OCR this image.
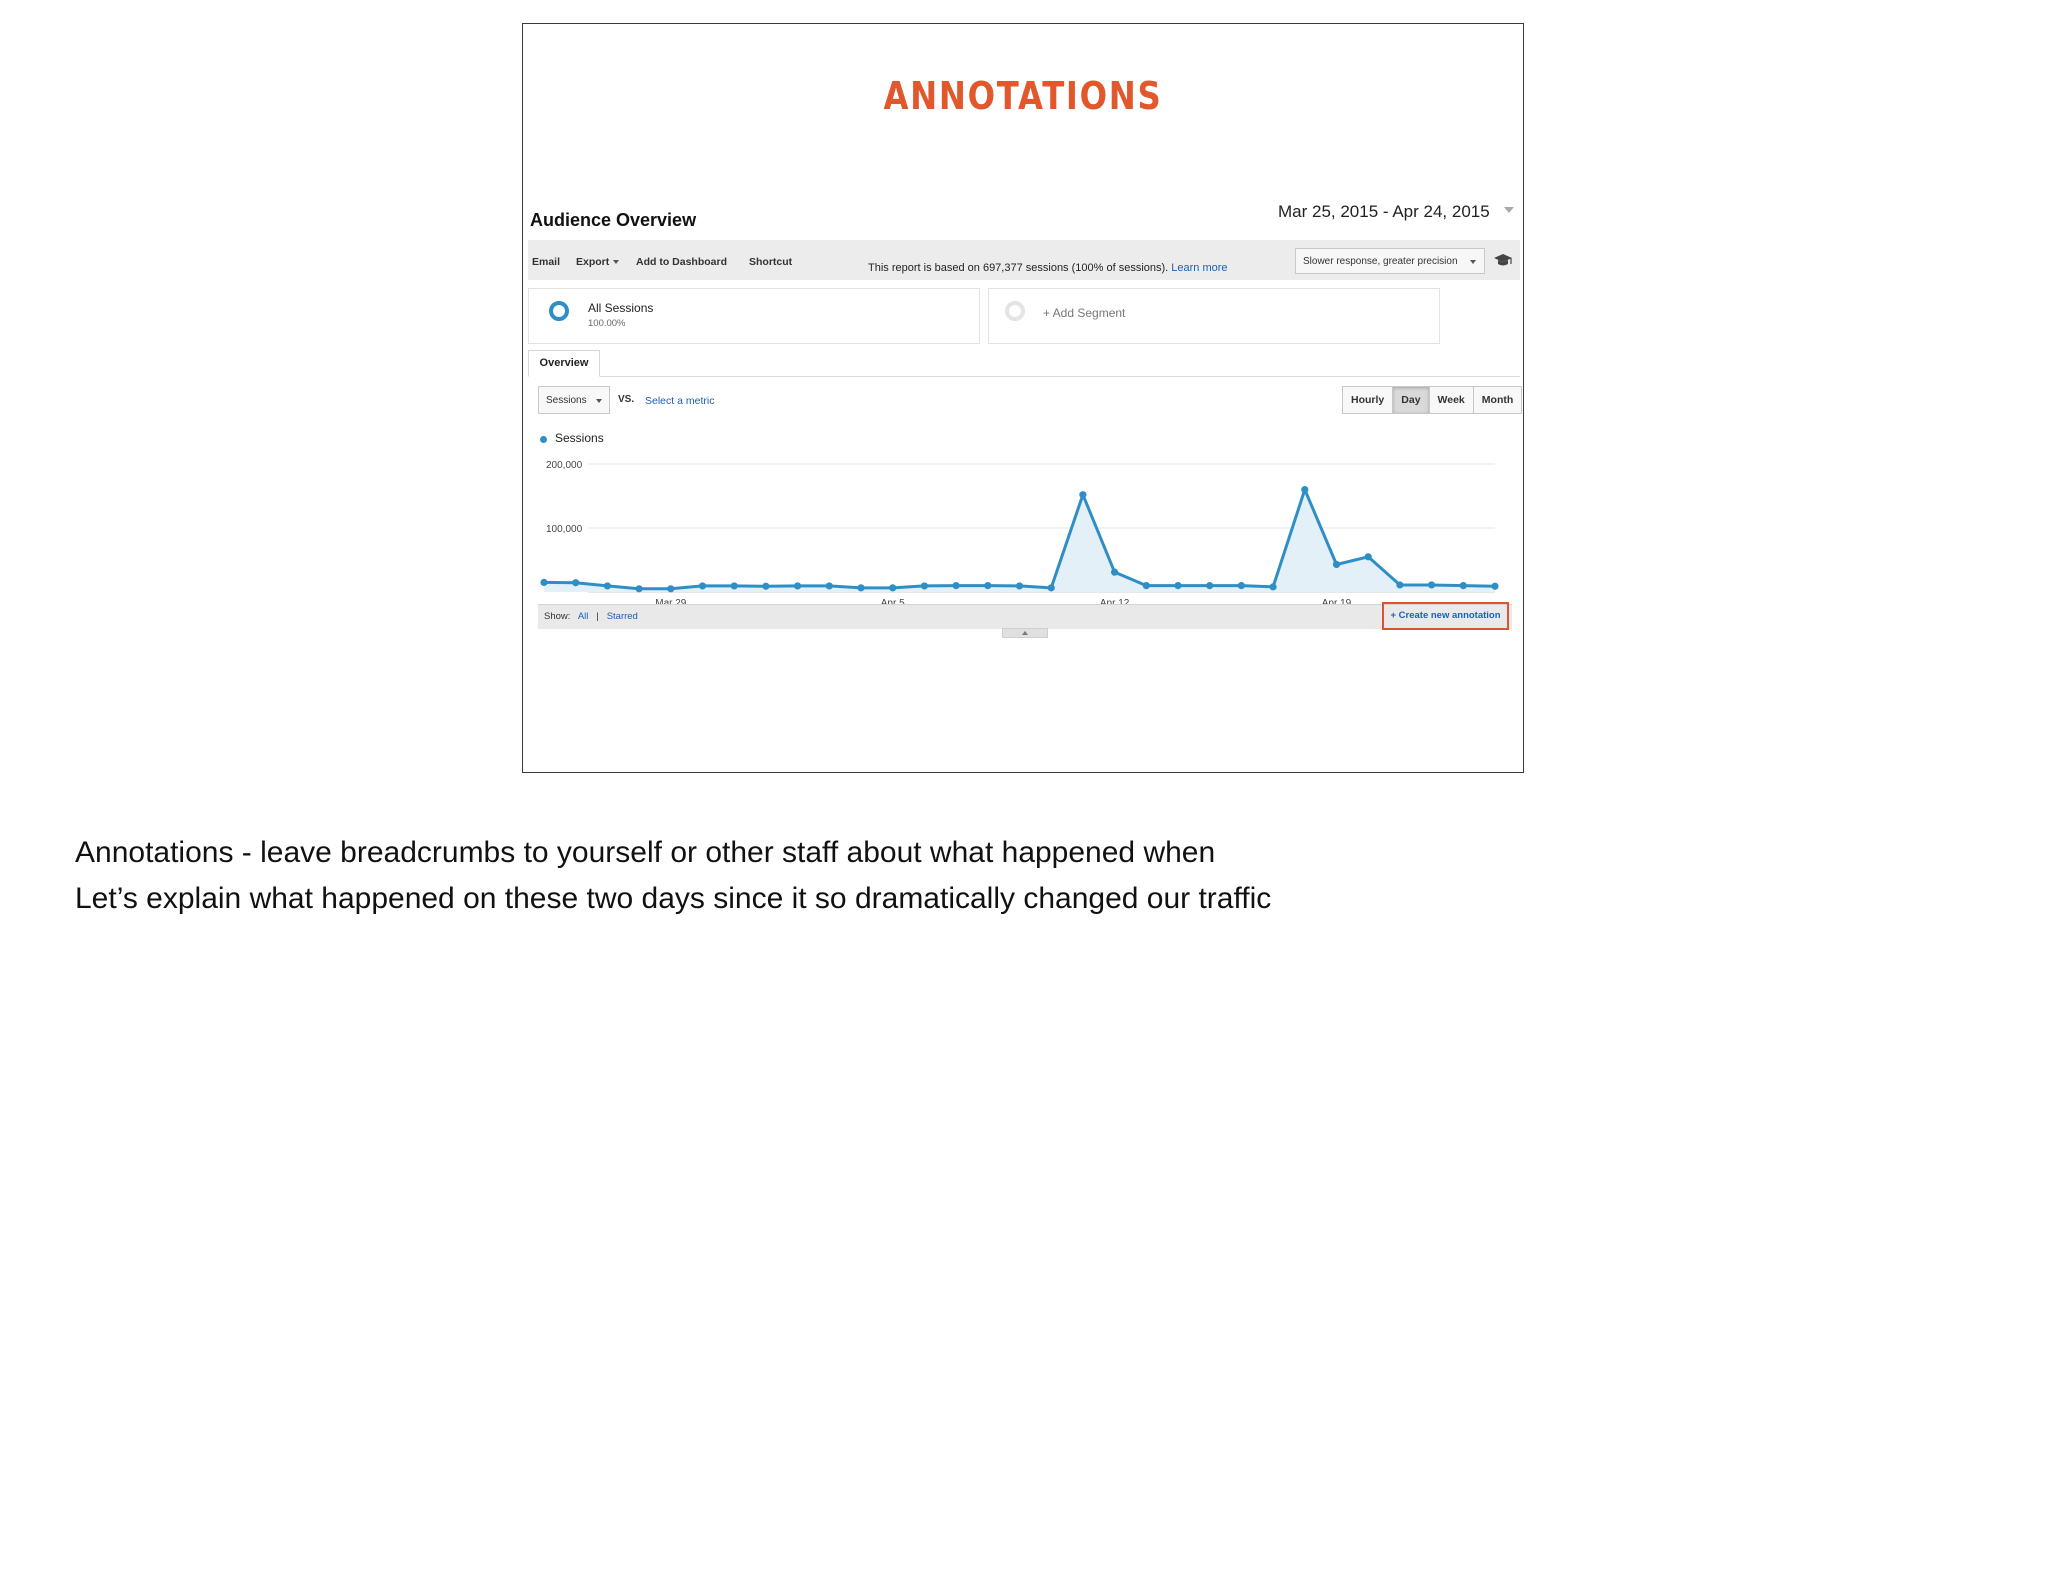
ANNOTATIONS
Audience Overview	Mar 25, 2015 - Apr 24, 2015
Email Export	Add to Dashboard Shortcut	This report is based on 697,377 sessions (100% of sessions). Learn more
Slower response, greater precision
All Sessions
100.00%
+ Add Segment
Overview
Sessions	VS. Select a metric	Hourly	Day	Week	Month
Sessions
200,000
100,000
Show: All | Starred	+ Create new annotation
Annotations - leave breadcrumbs to yourself or other staff about what happened when
Let’s explain what happened on these two days since it so dramatically changed our traffic
